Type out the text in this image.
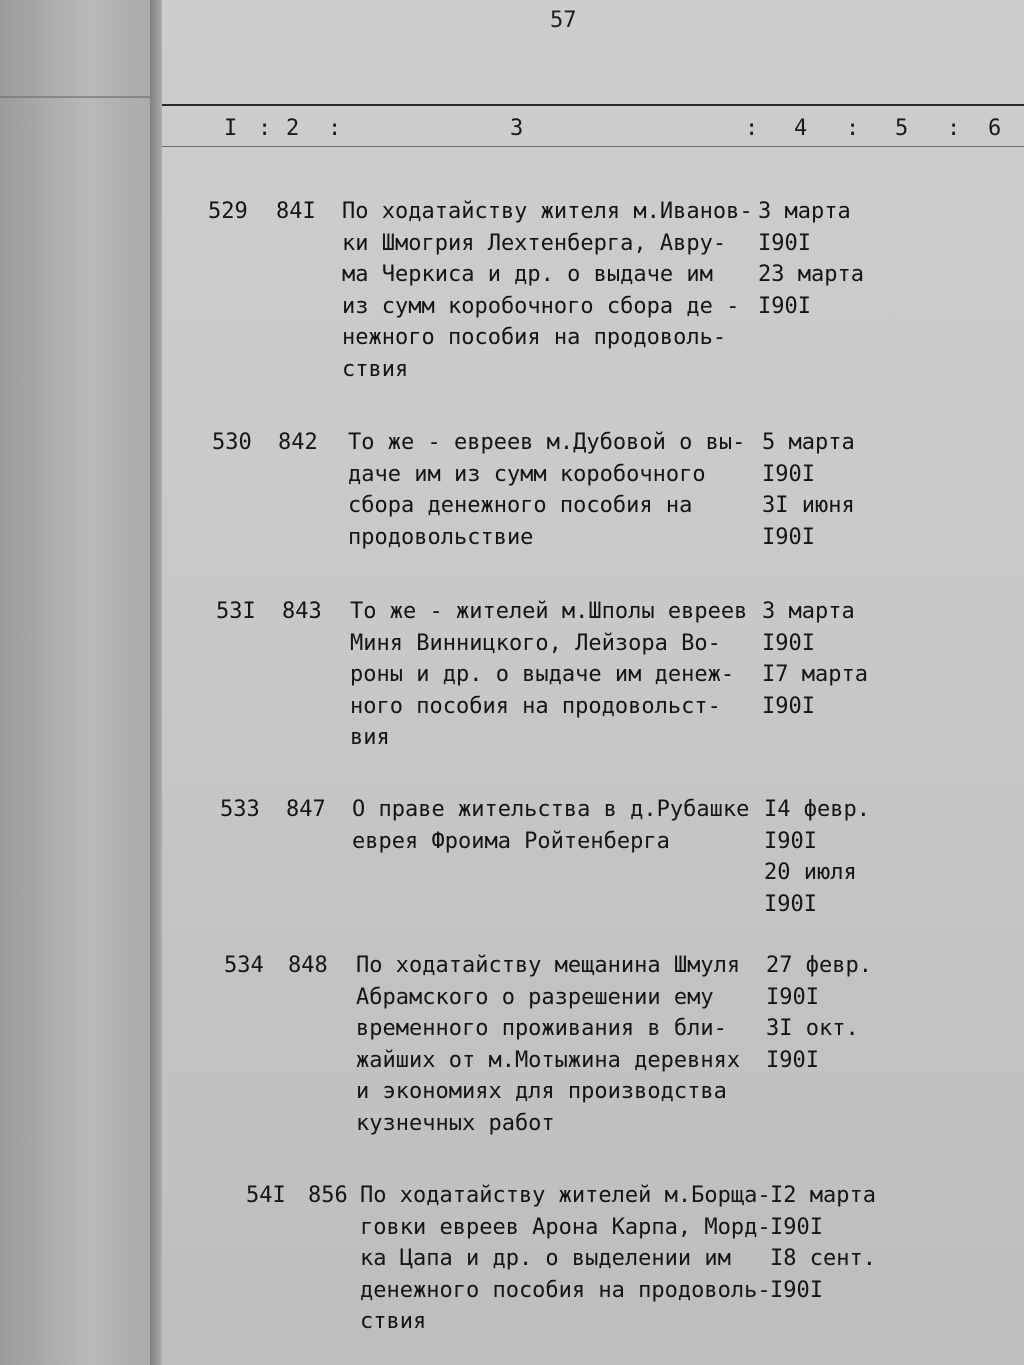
57
I : 2 :	3	: 4 : 5 : 6
529 84I По ходатайству жителя м.Иванов-
ки Шмогрия Лехтенберга, Авру-
ма Черкиса и др. о выдаче им
из сумм коробочного сбора де -
нежного пособия на продоволь-
ствия
3 марта
I90I
23 марта
I90I
530 842 То же - евреев м.Дубовой о вы-
даче им из сумм коробочного
сбора денежного пособия на
продовольствие
5 марта
I90I
3I июня
I90I
53I 843 То же - жителей м.Шполы евреев
Миня Винницкого, Лейзора Во-
роны и др. о выдаче им денеж-
ного пособия на продовольст-
вия
3 марта
I90I
I7 марта
I90I
533 847 О праве жительства в д.Рубашке
еврея Фроима Ройтенберга
I4 февр.
I90I
20 июля
I90I
534 848 По ходатайству мещанина Шмуля
Абрамского о разрешении ему
временного проживания в бли-
жайших от м.Мотыжина деревнях
и экономиях для производства
кузнечных работ
27 февр.
I90I
3I окт.
I90I
54I 856 По ходатайству жителей м.Борща-
говки евреев Арона Карпа, Морд-
ка Цапа и др. о выделении им
денежного пособия на продоволь-
ствия
I2 марта
I90I
I8 сент.
I90I
